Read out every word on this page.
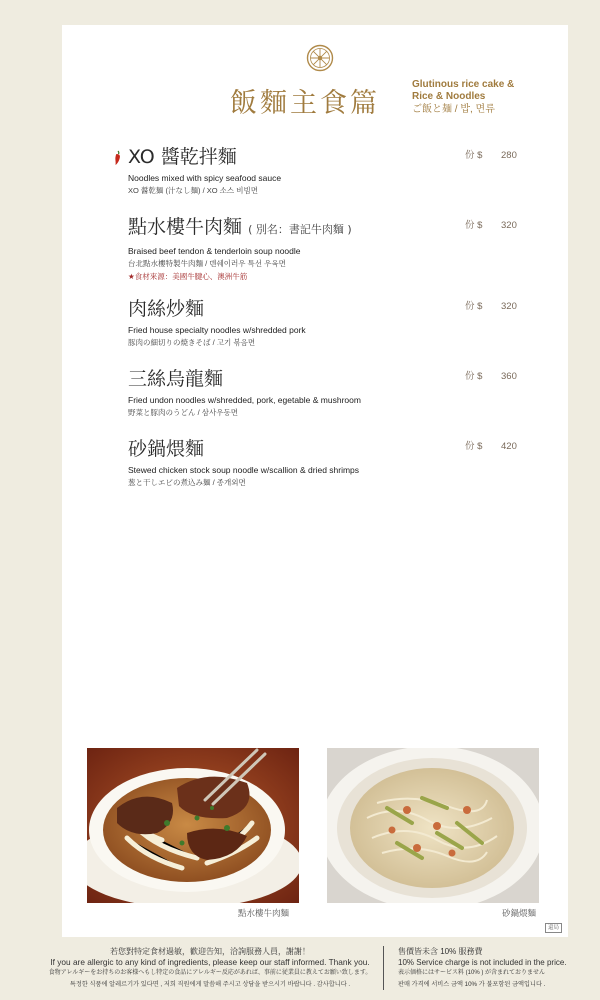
飯麵主食篇
Glutinous rice cake &
Rice & Noodles
ご飯と麺 / 밥, 면류
XO 醬乾拌麵
Noodles mixed with spicy seafood sauce
XO 醤乾麺 (汁なし麺) / XO 소스 비빔면
份 $ 280
點水樓牛肉麵 ( 別名：書記牛肉麵 )
Braised beef tendon & tenderloin soup noodle
台北點水樓特製牛肉麵 / 뎬쉐이러우 특선 우육면
★食材來源：美國牛腱心、澳洲牛筋
份 $ 320
肉絲炒麵
Fried house specialty noodles w/shredded pork
豚肉の細切りの焼きそば / 고기 볶음면
份 $ 320
三絲烏龍麵
Fried undon noodles w/shredded, pork, egetable & mushroom
野菜と豚肉のうどん / 삼사우동면
份 $ 360
砂鍋煨麵
Stewed chicken stock soup noodle w/scallion & dried shrimps
葱と干しエビの煮込み麺 / 종개외면
份 $ 420
點水樓牛肉麵	砂鍋煨麵
還局
若您對特定食材過敏，歡迎告知，洽詢服務人員，謝謝！
If you are allergic to any kind of ingredients, please keep our staff informed. Thank you.
食物アレルギーをお持ちのお客様へもし特定の食品にアレルギー反応があれば、事前に従業員に教えてお願い致します。
특정한 식품에 알레르기가 있다면 , 저희 직원에게 말씀해 주시고 상담을 받으시기 바랍니다 . 감사합니다 .
售價皆未含 10% 服務費
10% Service charge is not included in the price.
表示価格にはサービス料 (10% ) が含まれておりません
판매 가격에 서비스 금액 10% 가 불포함된 금액입니다 .
